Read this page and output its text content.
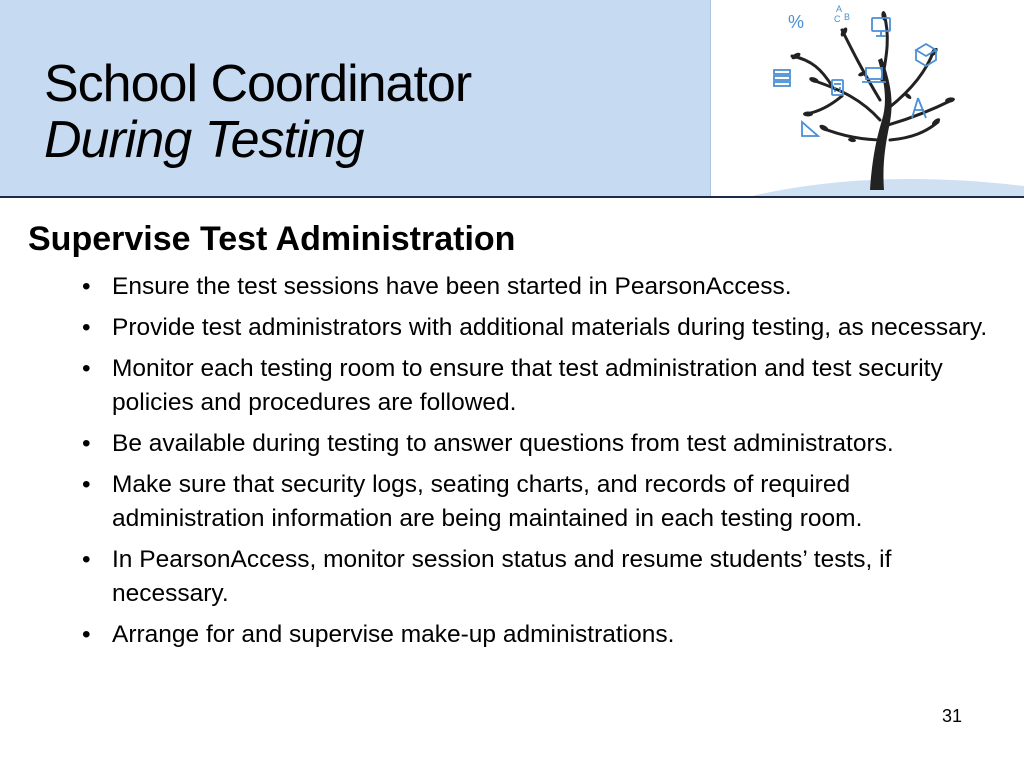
School Coordinator
During Testing
%
A
B
C
Supervise Test Administration
• Ensure the test sessions have been started in PearsonAccess.
• Provide test administrators with additional materials during testing, as necessary.
• Monitor each testing room to ensure that test administration and test security policies and procedures are followed.
• Be available during testing to answer questions from test administrators.
• Make sure that security logs, seating charts, and records of required administration information are being maintained in each testing room.
• In PearsonAccess, monitor session status and resume students’ tests, if necessary.
• Arrange for and supervise make-up administrations.
31
